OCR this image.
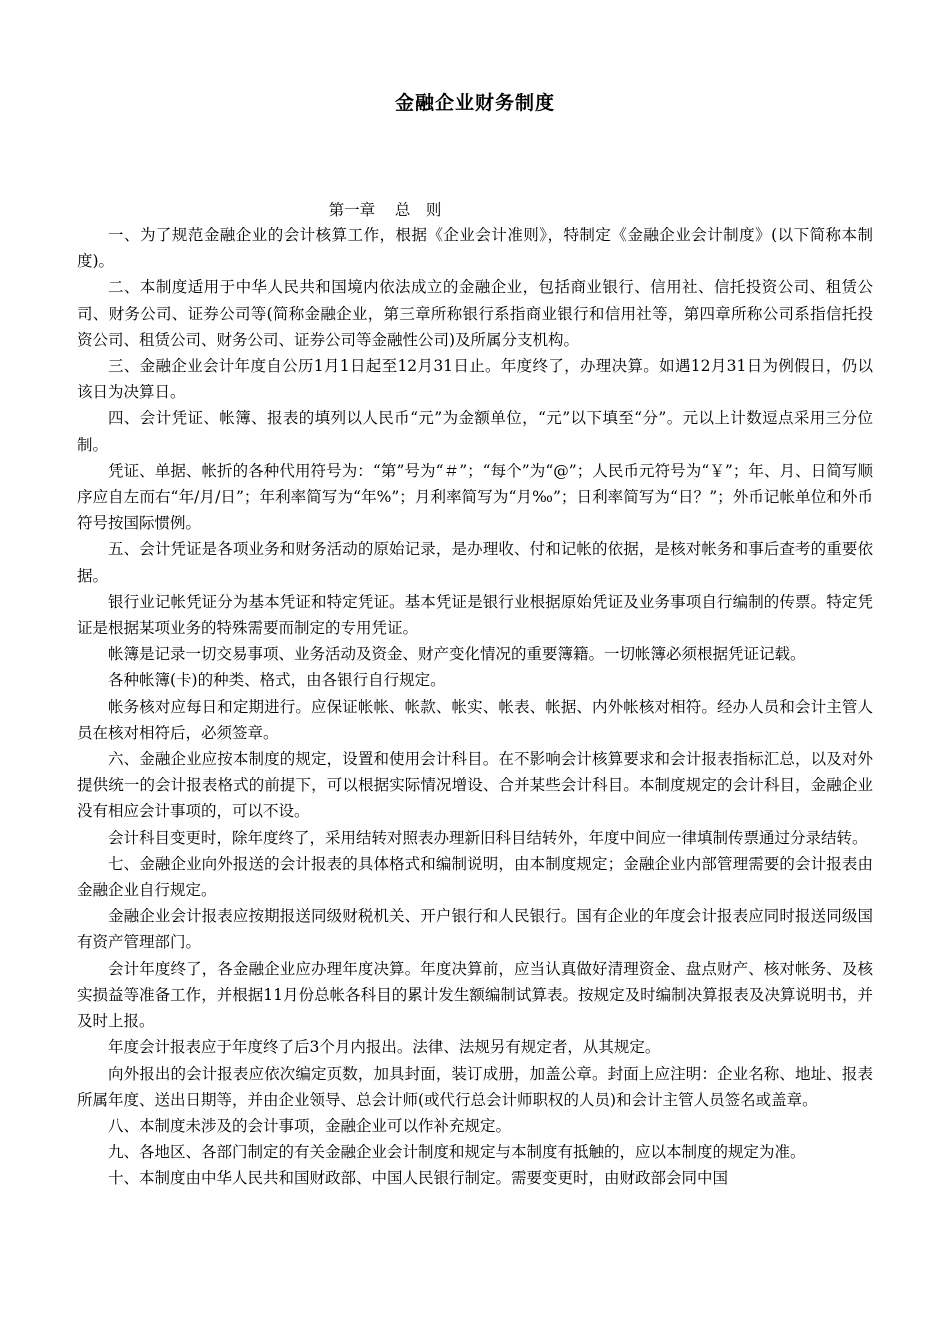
金融企业财务制度
第一章 总　则

一、为了规范金融企业的会计核算工作，根据《企业会计准则》，特制定《金融企业会计制度》(以下简称本制度)。

二、本制度适用于中华人民共和国境内依法成立的金融企业，包括商业银行、信用社、信托投资公司、租赁公司、财务公司、证券公司等(简称金融企业，第三章所称银行系指商业银行和信用社等，第四章所称公司系指信托投资公司、租赁公司、财务公司、证券公司等金融性公司)及所属分支机构。

三、金融企业会计年度自公历1月1日起至12月31日止。年度终了，办理决算。如遇12月31日为例假日，仍以该日为决算日。

四、会计凭证、帐簿、报表的填列以人民币“元”为金额单位，“元”以下填至“分”。元以上计数逗点采用三分位制。

凭证、单据、帐折的各种代用符号为：“第”号为“＃”；“每个”为“@”；人民币元符号为“￥”；年、月、日简写顺序应自左而右“年/月/日”；年利率简写为“年%”；月利率简写为“月‰”；日利率简写为“日？”；外币记帐单位和外币符号按国际惯例。

五、会计凭证是各项业务和财务活动的原始记录，是办理收、付和记帐的依据，是核对帐务和事后查考的重要依据。

银行业记帐凭证分为基本凭证和特定凭证。基本凭证是银行业根据原始凭证及业务事项自行编制的传票。特定凭证是根据某项业务的特殊需要而制定的专用凭证。

帐簿是记录一切交易事项、业务活动及资金、财产变化情况的重要簿籍。一切帐簿必须根据凭证记载。

各种帐簿(卡)的种类、格式，由各银行自行规定。

帐务核对应每日和定期进行。应保证帐帐、帐款、帐实、帐表、帐据、内外帐核对相符。经办人员和会计主管人员在核对相符后，必须签章。

六、金融企业应按本制度的规定，设置和使用会计科目。在不影响会计核算要求和会计报表指标汇总，以及对外提供统一的会计报表格式的前提下，可以根据实际情况增设、合并某些会计科目。本制度规定的会计科目，金融企业没有相应会计事项的，可以不设。

会计科目变更时，除年度终了，采用结转对照表办理新旧科目结转外，年度中间应一律填制传票通过分录结转。

七、金融企业向外报送的会计报表的具体格式和编制说明，由本制度规定；金融企业内部管理需要的会计报表由金融企业自行规定。

金融企业会计报表应按期报送同级财税机关、开户银行和人民银行。国有企业的年度会计报表应同时报送同级国有资产管理部门。

会计年度终了，各金融企业应办理年度决算。年度决算前，应当认真做好清理资金、盘点财产、核对帐务、及核实损益等准备工作，并根据11月份总帐各科目的累计发生额编制试算表。按规定及时编制决算报表及决算说明书，并及时上报。

年度会计报表应于年度终了后3个月内报出。法律、法规另有规定者，从其规定。

向外报出的会计报表应依次编定页数，加具封面，装订成册，加盖公章。封面上应注明：企业名称、地址、报表所属年度、送出日期等，并由企业领导、总会计师(或代行总会计师职权的人员)和会计主管人员签名或盖章。

八、本制度未涉及的会计事项，金融企业可以作补充规定。

九、各地区、各部门制定的有关金融企业会计制度和规定与本制度有抵触的，应以本制度的规定为准。

十、本制度由中华人民共和国财政部、中国人民银行制定。需要变更时，由财政部会同中国
